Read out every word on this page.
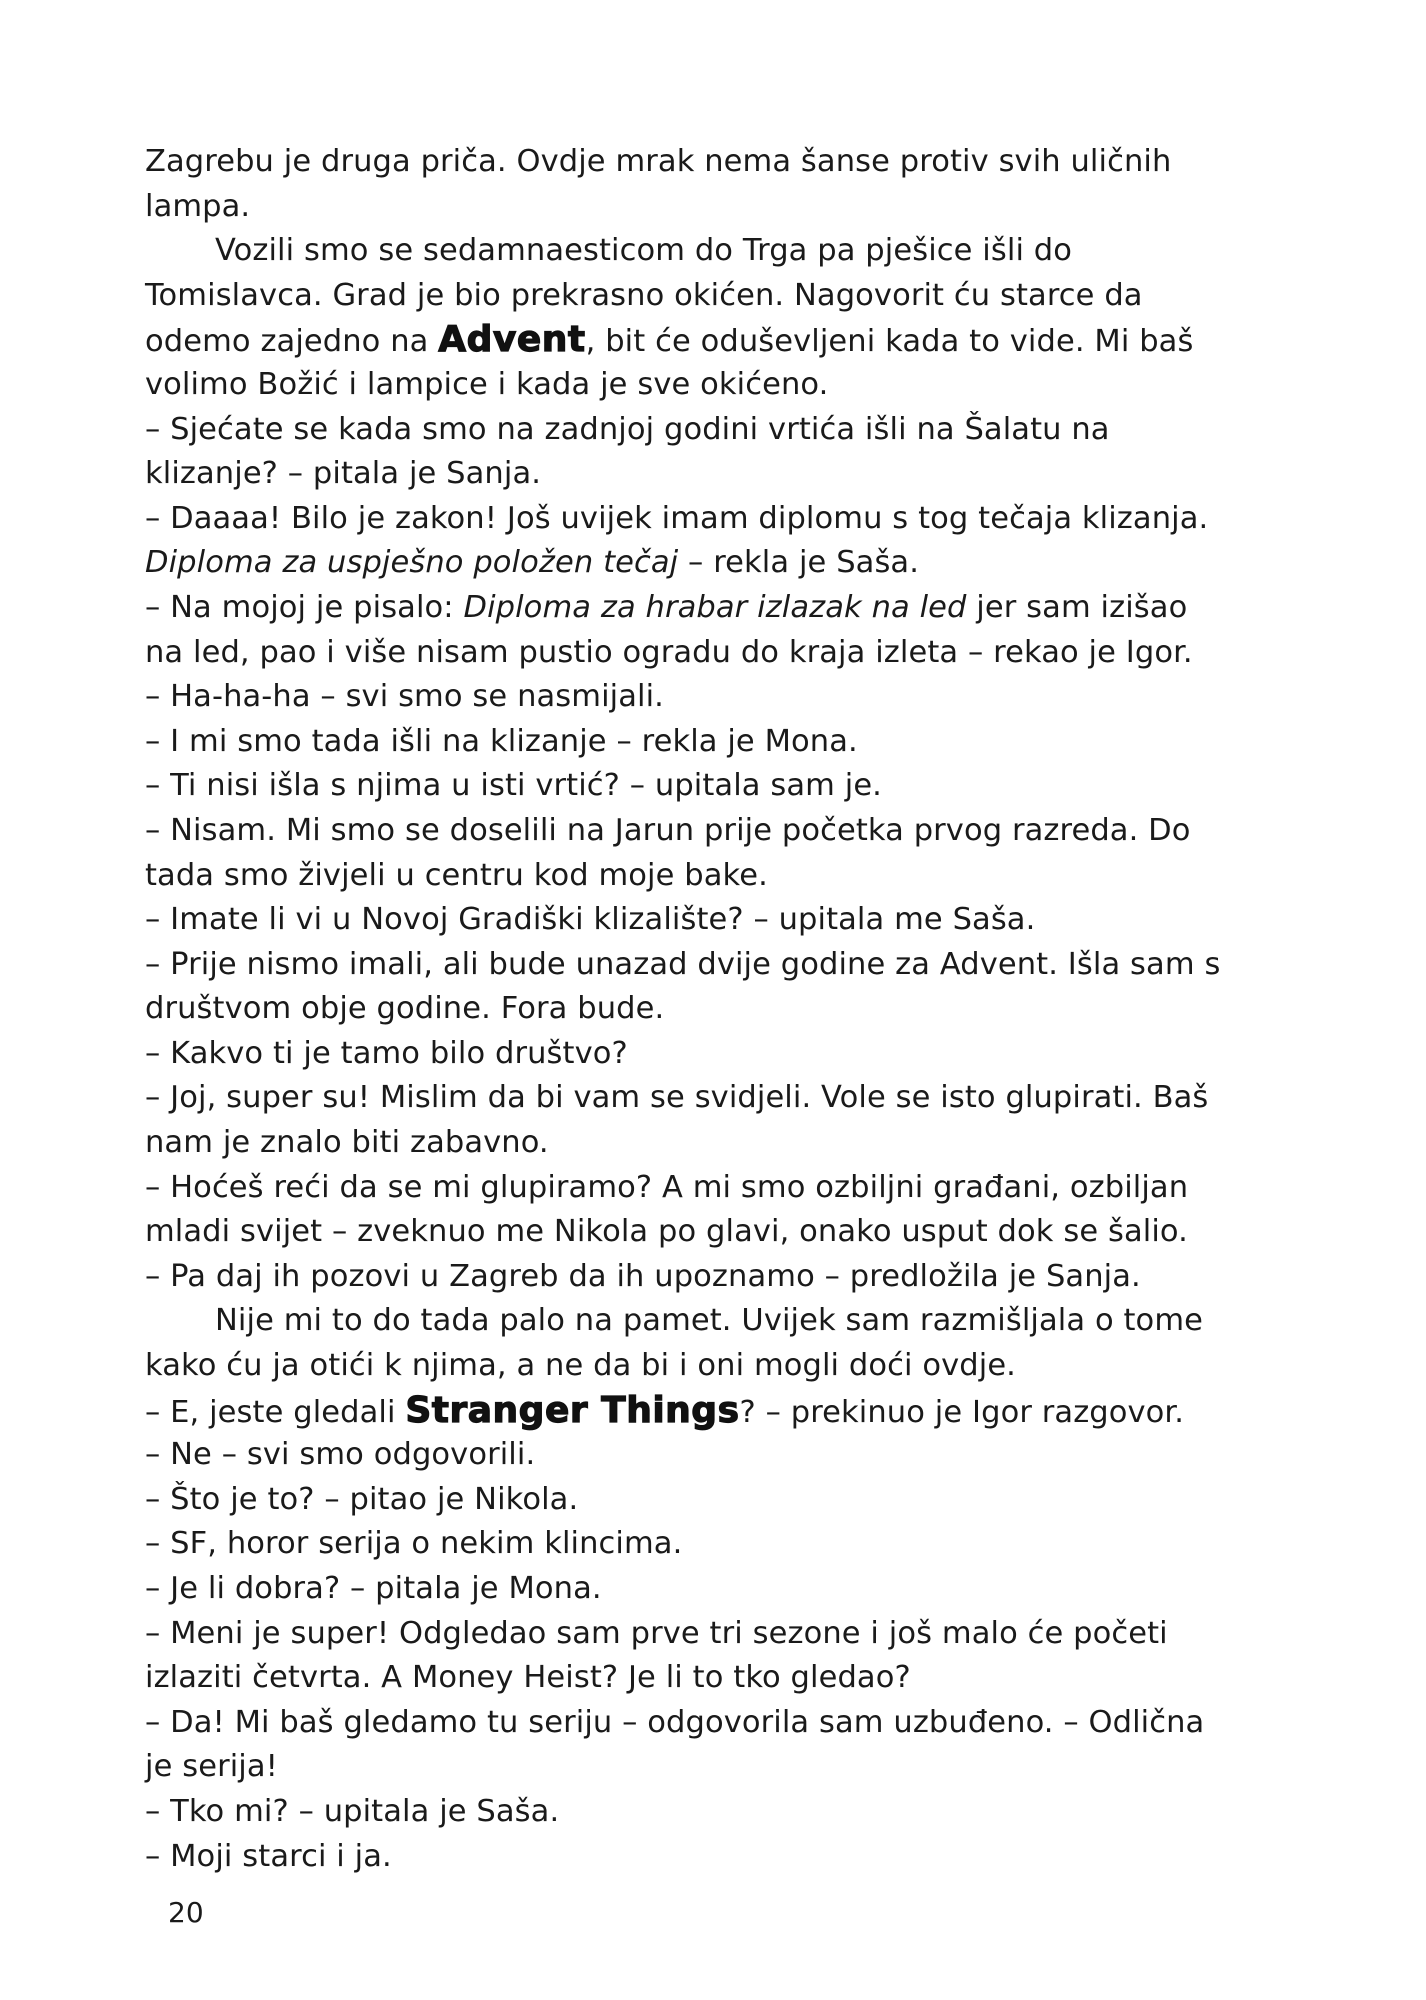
Zagrebu je druga priča. Ovdje mrak nema šanse protiv svih uličnih
lampa.
Vozili smo se sedamnaesticom do Trga pa pješice išli do
Tomislavca. Grad je bio prekrasno okićen. Nagovorit ću starce da
odemo zajedno na Advent, bit će oduševljeni kada to vide. Mi baš
volimo Božić i lampice i kada je sve okićeno.
– Sjećate se kada smo na zadnjoj godini vrtića išli na Šalatu na
klizanje? – pitala je Sanja.
– Daaaa! Bilo je zakon! Još uvijek imam diplomu s tog tečaja klizanja.
Diploma za uspješno položen tečaj – rekla je Saša.
– Na mojoj je pisalo: Diploma za hrabar izlazak na led jer sam izišao
na led, pao i više nisam pustio ogradu do kraja izleta – rekao je Igor.
– Ha-ha-ha – svi smo se nasmijali.
– I mi smo tada išli na klizanje – rekla je Mona.
– Ti nisi išla s njima u isti vrtić? – upitala sam je.
– Nisam. Mi smo se doselili na Jarun prije početka prvog razreda. Do
tada smo živjeli u centru kod moje bake.
– Imate li vi u Novoj Gradiški klizalište? – upitala me Saša.
– Prije nismo imali, ali bude unazad dvije godine za Advent. Išla sam s
društvom obje godine. Fora bude.
– Kakvo ti je tamo bilo društvo?
– Joj, super su! Mislim da bi vam se svidjeli. Vole se isto glupirati. Baš
nam je znalo biti zabavno.
– Hoćeš reći da se mi glupiramo? A mi smo ozbiljni građani, ozbiljan
mladi svijet – zveknuo me Nikola po glavi, onako usput dok se šalio.
– Pa daj ih pozovi u Zagreb da ih upoznamo – predložila je Sanja.
Nije mi to do tada palo na pamet. Uvijek sam razmišljala o tome
kako ću ja otići k njima, a ne da bi i oni mogli doći ovdje.
– E, jeste gledali Stranger Things? – prekinuo je Igor razgovor.
– Ne – svi smo odgovorili.
– Što je to? – pitao je Nikola.
– SF, horor serija o nekim klincima.
– Je li dobra? – pitala je Mona.
– Meni je super! Odgledao sam prve tri sezone i još malo će početi
izlaziti četvrta. A Money Heist? Je li to tko gledao?
– Da! Mi baš gledamo tu seriju – odgovorila sam uzbuđeno. – Odlična
je serija!
– Tko mi? – upitala je Saša.
– Moji starci i ja.
20
